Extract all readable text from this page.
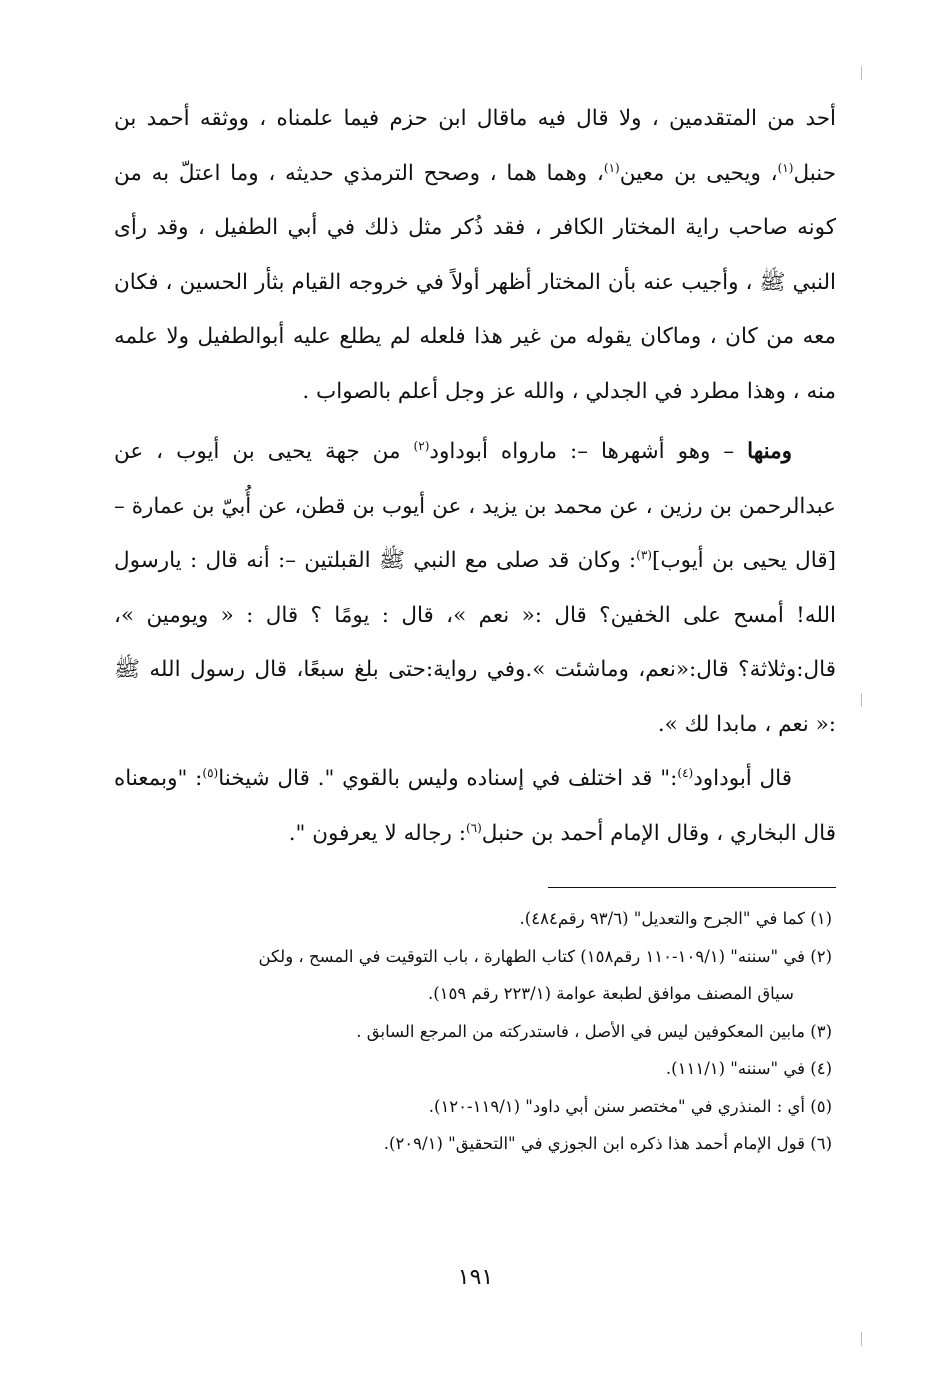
أحد من المتقدمين ، ولا قال فيه ماقال ابن حزم فيما علمناه ، ووثقه أحمد بن حنبل$^{(١)}$، ويحيى بن معين$^{(١)}$، وهما هما ، وصحح الترمذي حديثه ، وما اعتلّ به من كونه صاحب راية المختار الكافر ، فقد ذُكر مثل ذلك في أبي الطفيل ، وقد رأى النبي ﷺ ، وأجيب عنه بأن المختار أظهر أولاً في خروجه القيام بثأر الحسين ، فكان معه من كان ، وماكان يقوله من غير هذا فلعله لم يطلع عليه أبوالطفيل ولا علمه منه ، وهذا مطرد في الجدلي ، والله عز وجل أعلم بالصواب .

ومنها – وهو أشهرها –: مارواه أبوداود$^{(٢)}$ من جهة يحيى بن أيوب ، عن عبدالرحمن بن رزين ، عن محمد بن يزيد ، عن أيوب بن قطن، عن أُبيّ بن عمارة –[قال يحيى بن أيوب]$^{(٣)}$: وكان قد صلى مع النبي ﷺ القبلتين –: أنه قال : يارسول الله! أمسح على الخفين؟ قال :« نعم »، قال : يومًا ؟ قال : « ويومين »، قال:وثلاثة؟ قال:«نعم، وماشئت ».وفي رواية:حتى بلغ سبعًا، قال رسول الله ﷺ :« نعم ، مابدا لك ».

قال أبوداود$^{(٤)}$:" قد اختلف في إسناده وليس بالقوي ". قال شيخنا$^{(٥)}$: "وبمعناه قال البخاري ، وقال الإمام أحمد بن حنبل$^{(٦)}$: رجاله لا يعرفون ".

(١) كما في "الجرح والتعديل" (٩٣/٦ رقم٤٨٤).
(٢) في "سننه" (١٠٩/١-١١٠ رقم١٥٨) كتاب الطهارة ، باب التوقيت في المسح ، ولكن
سياق المصنف موافق لطبعة عوامة (٢٢٣/١ رقم ١٥٩).
(٣) مابين المعكوفين ليس في الأصل ، فاستدركته من المرجع السابق .
(٤) في "سننه" (١١١/١).
(٥) أي : المنذري في "مختصر سنن أبي داود" (١١٩/١-١٢٠).
(٦) قول الإمام أحمد هذا ذكره ابن الجوزي في "التحقيق" (٢٠٩/١).
١٩١
